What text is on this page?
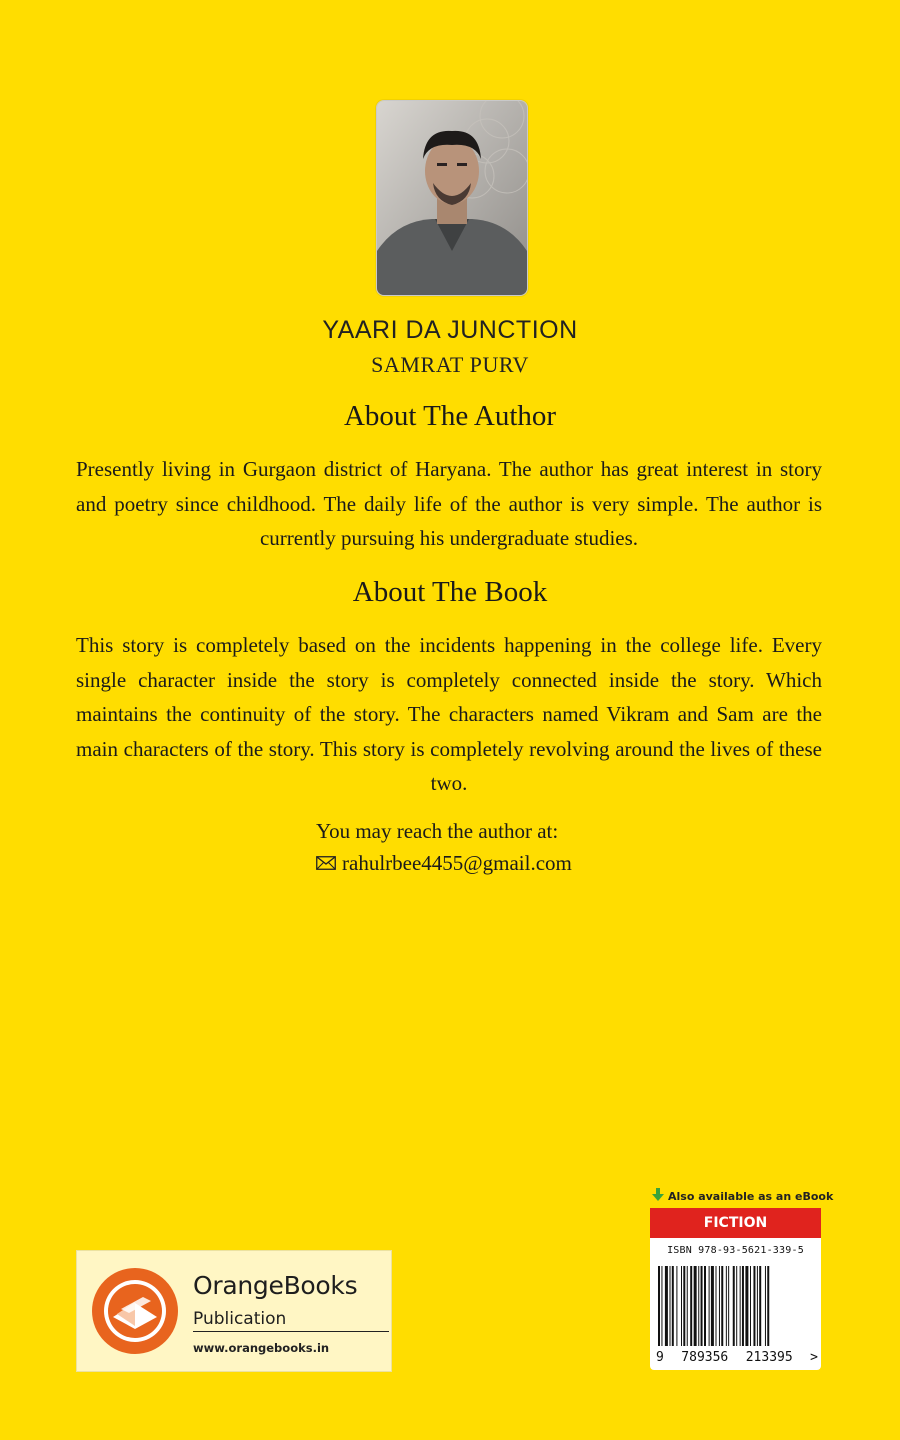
YAARI DA JUNCTION
SAMRAT PURV
About The Author
Presently living in Gurgaon district of Haryana. The author has great interest in story and poetry since childhood. The daily life of the author is very simple. The author is currently pursuing his undergraduate studies.
About The Book
This story is completely based on the incidents happening in the college life. Every single character inside the story is completely connected inside the story. Which maintains the continuity of the story. The characters named Vikram and Sam are the main characters of the story. This story is completely revolving around the lives of these two.
You may reach the author at:
rahulrbee4455@gmail.com
OrangeBooks
Publication
www.orangebooks.in
Also available as an eBook
FICTION
ISBN 978-93-5621-339-5
9 789356 213395 >
